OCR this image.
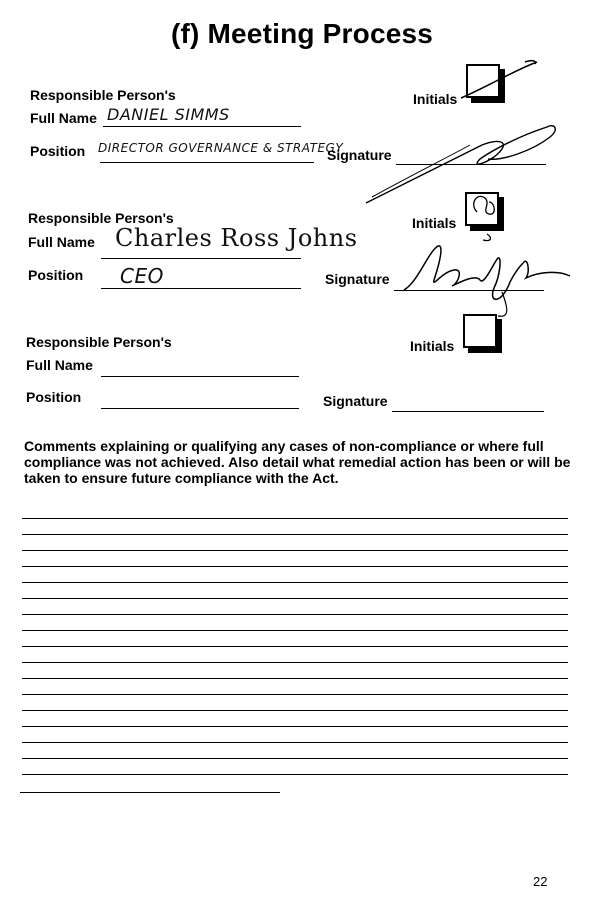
(f) Meeting Process
Responsible Person's	Initials
Full Name DANIEL SIMMS
Position DIRECTOR GOVERNANCE & STRATEGY
Signature
Responsible Person's	Initials
Full Name Charles Ross Johns
Position CEO	Signature
Responsible Person's	Initials
Full Name
Position	Signature
Comments explaining or qualifying any cases of non-compliance or where full compliance was not achieved. Also detail what remedial action has been or will be taken to ensure future compliance with the Act.
22
